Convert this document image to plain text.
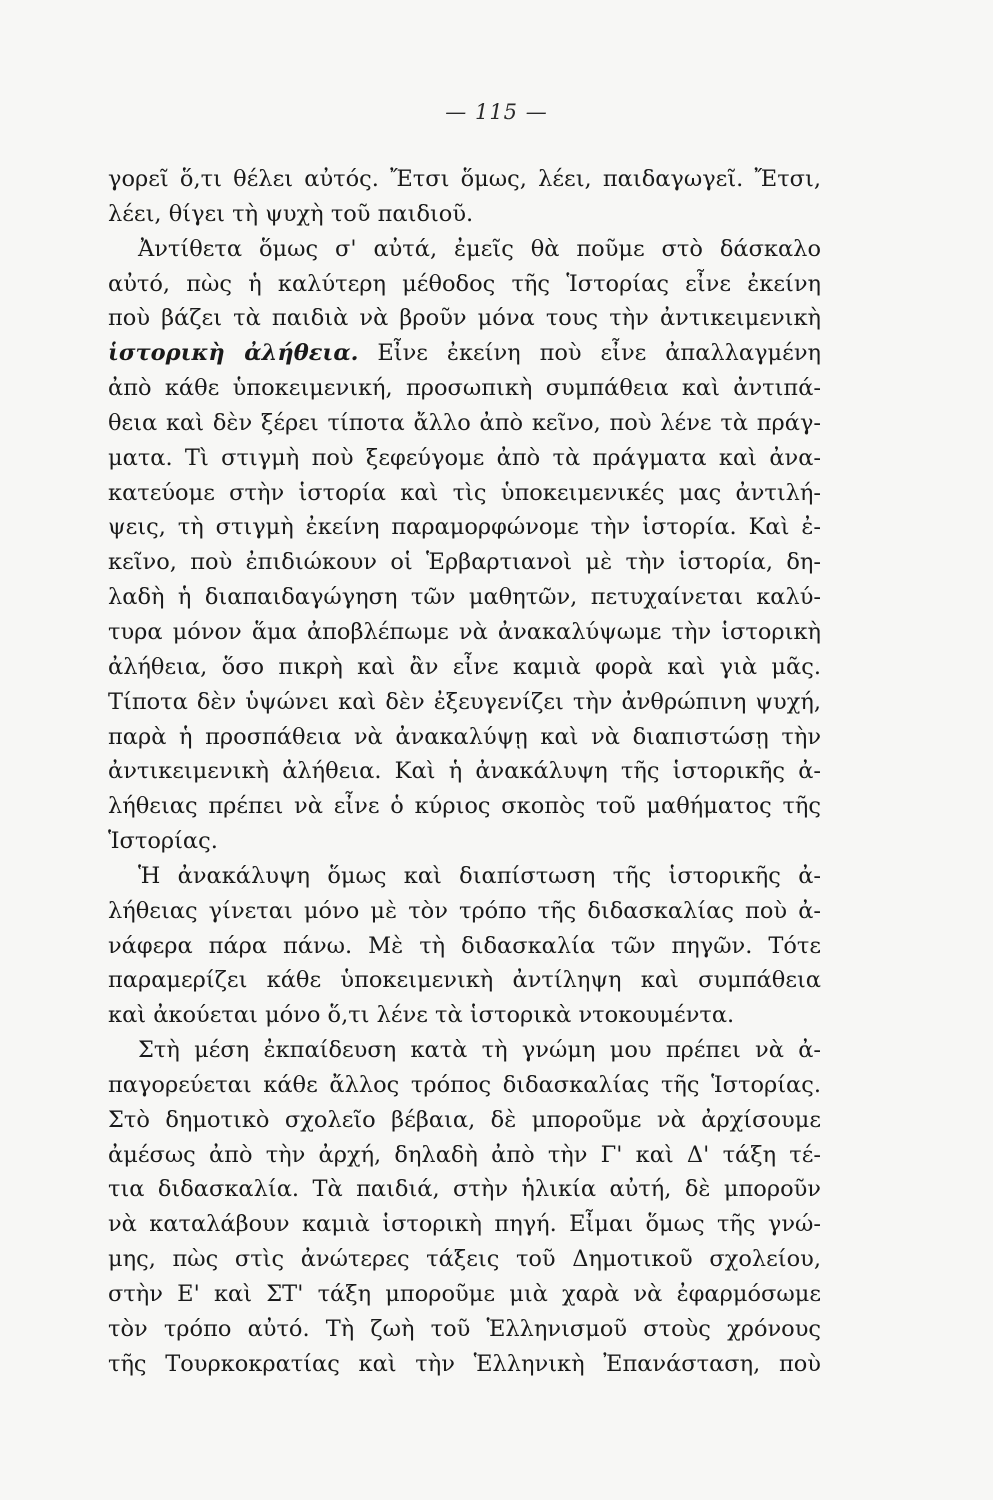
— 115 —
γορεῖ ὅ,τι θέλει αὐτός. Ἔτσι ὅμως, λέει, παιδαγωγεῖ. Ἔτσι,
λέει, θίγει τὴ ψυχὴ τοῦ παιδιοῦ.
Ἀντίθετα ὅμως σ' αὐτά, ἐμεῖς θὰ ποῦμε στὸ δάσκαλο
αὐτό, πὼς ἡ καλύτερη μέθοδος τῆς Ἱστορίας εἶνε ἐκείνη
ποὺ βάζει τὰ παιδιὰ νὰ βροῦν μόνα τους τὴν ἀντικειμενικὴ
ἱστορικὴ ἀλήθεια. Εἶνε ἐκείνη ποὺ εἶνε ἀπαλλαγμένη
ἀπὸ κάθε ὑποκειμενική, προσωπικὴ συμπάθεια καὶ ἀντιπά-
θεια καὶ δὲν ξέρει τίποτα ἄλλο ἀπὸ κεῖνο, ποὺ λένε τὰ πράγ-
ματα. Τὶ στιγμὴ ποὺ ξεφεύγομε ἀπὸ τὰ πράγματα καὶ ἀνα-
κατεύομε στὴν ἱστορία καὶ τὶς ὑποκειμενικές μας ἀντιλή-
ψεις, τὴ στιγμὴ ἐκείνη παραμορφώνομε τὴν ἱστορία. Καὶ ἐ-
κεῖνο, ποὺ ἐπιδιώκουν οἱ Ἑρβαρτιανοὶ μὲ τὴν ἱστορία, δη-
λαδὴ ἡ διαπαιδαγώγηση τῶν μαθητῶν, πετυχαίνεται καλύ-
τυρα μόνον ἅμα ἀποβλέπωμε νὰ ἀνακαλύψωμε τὴν ἱστορικὴ
ἀλήθεια, ὅσο πικρὴ καὶ ἂν εἶνε καμιὰ φορὰ καὶ γιὰ μᾶς.
Τίποτα δὲν ὑψώνει καὶ δὲν ἐξευγενίζει τὴν ἀνθρώπινη ψυχή,
παρὰ ἡ προσπάθεια νὰ ἀνακαλύψῃ καὶ νὰ διαπιστώσῃ τὴν
ἀντικειμενικὴ ἀλήθεια. Καὶ ἡ ἀνακάλυψη τῆς ἱστορικῆς ἀ-
λήθειας πρέπει νὰ εἶνε ὁ κύριος σκοπὸς τοῦ μαθήματος τῆς
Ἱστορίας.
Ἡ ἀνακάλυψη ὅμως καὶ διαπίστωση τῆς ἱστορικῆς ἀ-
λήθειας γίνεται μόνο μὲ τὸν τρόπο τῆς διδασκαλίας ποὺ ἀ-
νάφερα πάρα πάνω. Μὲ τὴ διδασκαλία τῶν πηγῶν. Τότε
παραμερίζει κάθε ὑποκειμενικὴ ἀντίληψη καὶ συμπάθεια
καὶ ἀκούεται μόνο ὅ,τι λένε τὰ ἱστορικὰ ντοκουμέντα.
Στὴ μέση ἐκπαίδευση κατὰ τὴ γνώμη μου πρέπει νὰ ἀ-
παγορεύεται κάθε ἄλλος τρόπος διδασκαλίας τῆς Ἱστορίας.
Στὸ δημοτικὸ σχολεῖο βέβαια, δὲ μποροῦμε νὰ ἀρχίσουμε
ἀμέσως ἀπὸ τὴν ἀρχή, δηλαδὴ ἀπὸ τὴν Γ' καὶ Δ' τάξη τέ-
τια διδασκαλία. Τὰ παιδιά, στὴν ἡλικία αὐτή, δὲ μποροῦν
νὰ καταλάβουν καμιὰ ἱστορικὴ πηγή. Εἶμαι ὅμως τῆς γνώ-
μης, πὼς στὶς ἀνώτερες τάξεις τοῦ Δημοτικοῦ σχολείου,
στὴν Ε' καὶ ΣΤ' τάξη μποροῦμε μιὰ χαρὰ νὰ ἐφαρμόσωμε
τὸν τρόπο αὐτό. Τὴ ζωὴ τοῦ Ἑλληνισμοῦ στοὺς χρόνους
τῆς Τουρκοκρατίας καὶ τὴν Ἑλληνικὴ Ἐπανάσταση, ποὺ
